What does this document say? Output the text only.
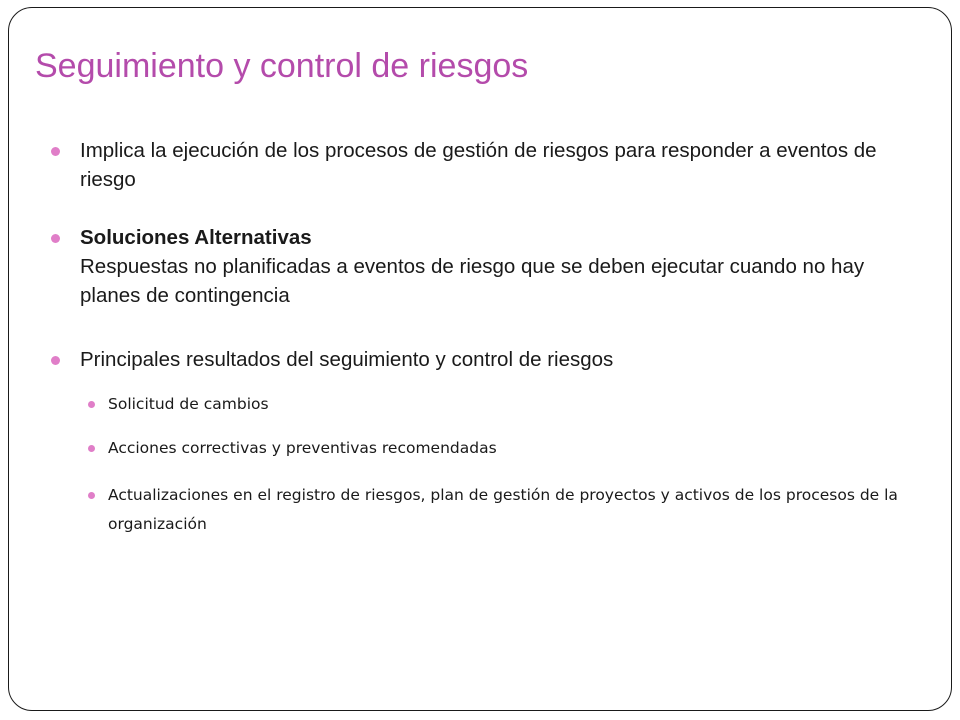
Seguimiento y control de riesgos
Implica la ejecución de los procesos de gestión de riesgos para responder a eventos de riesgo
Soluciones Alternativas
Respuestas no planificadas a eventos de riesgo que se deben ejecutar cuando no hay planes de contingencia
Principales resultados del seguimiento y control de riesgos
Solicitud de cambios
Acciones correctivas y preventivas recomendadas
Actualizaciones en el registro de riesgos, plan de gestión de proyectos y activos de los procesos de la organización
